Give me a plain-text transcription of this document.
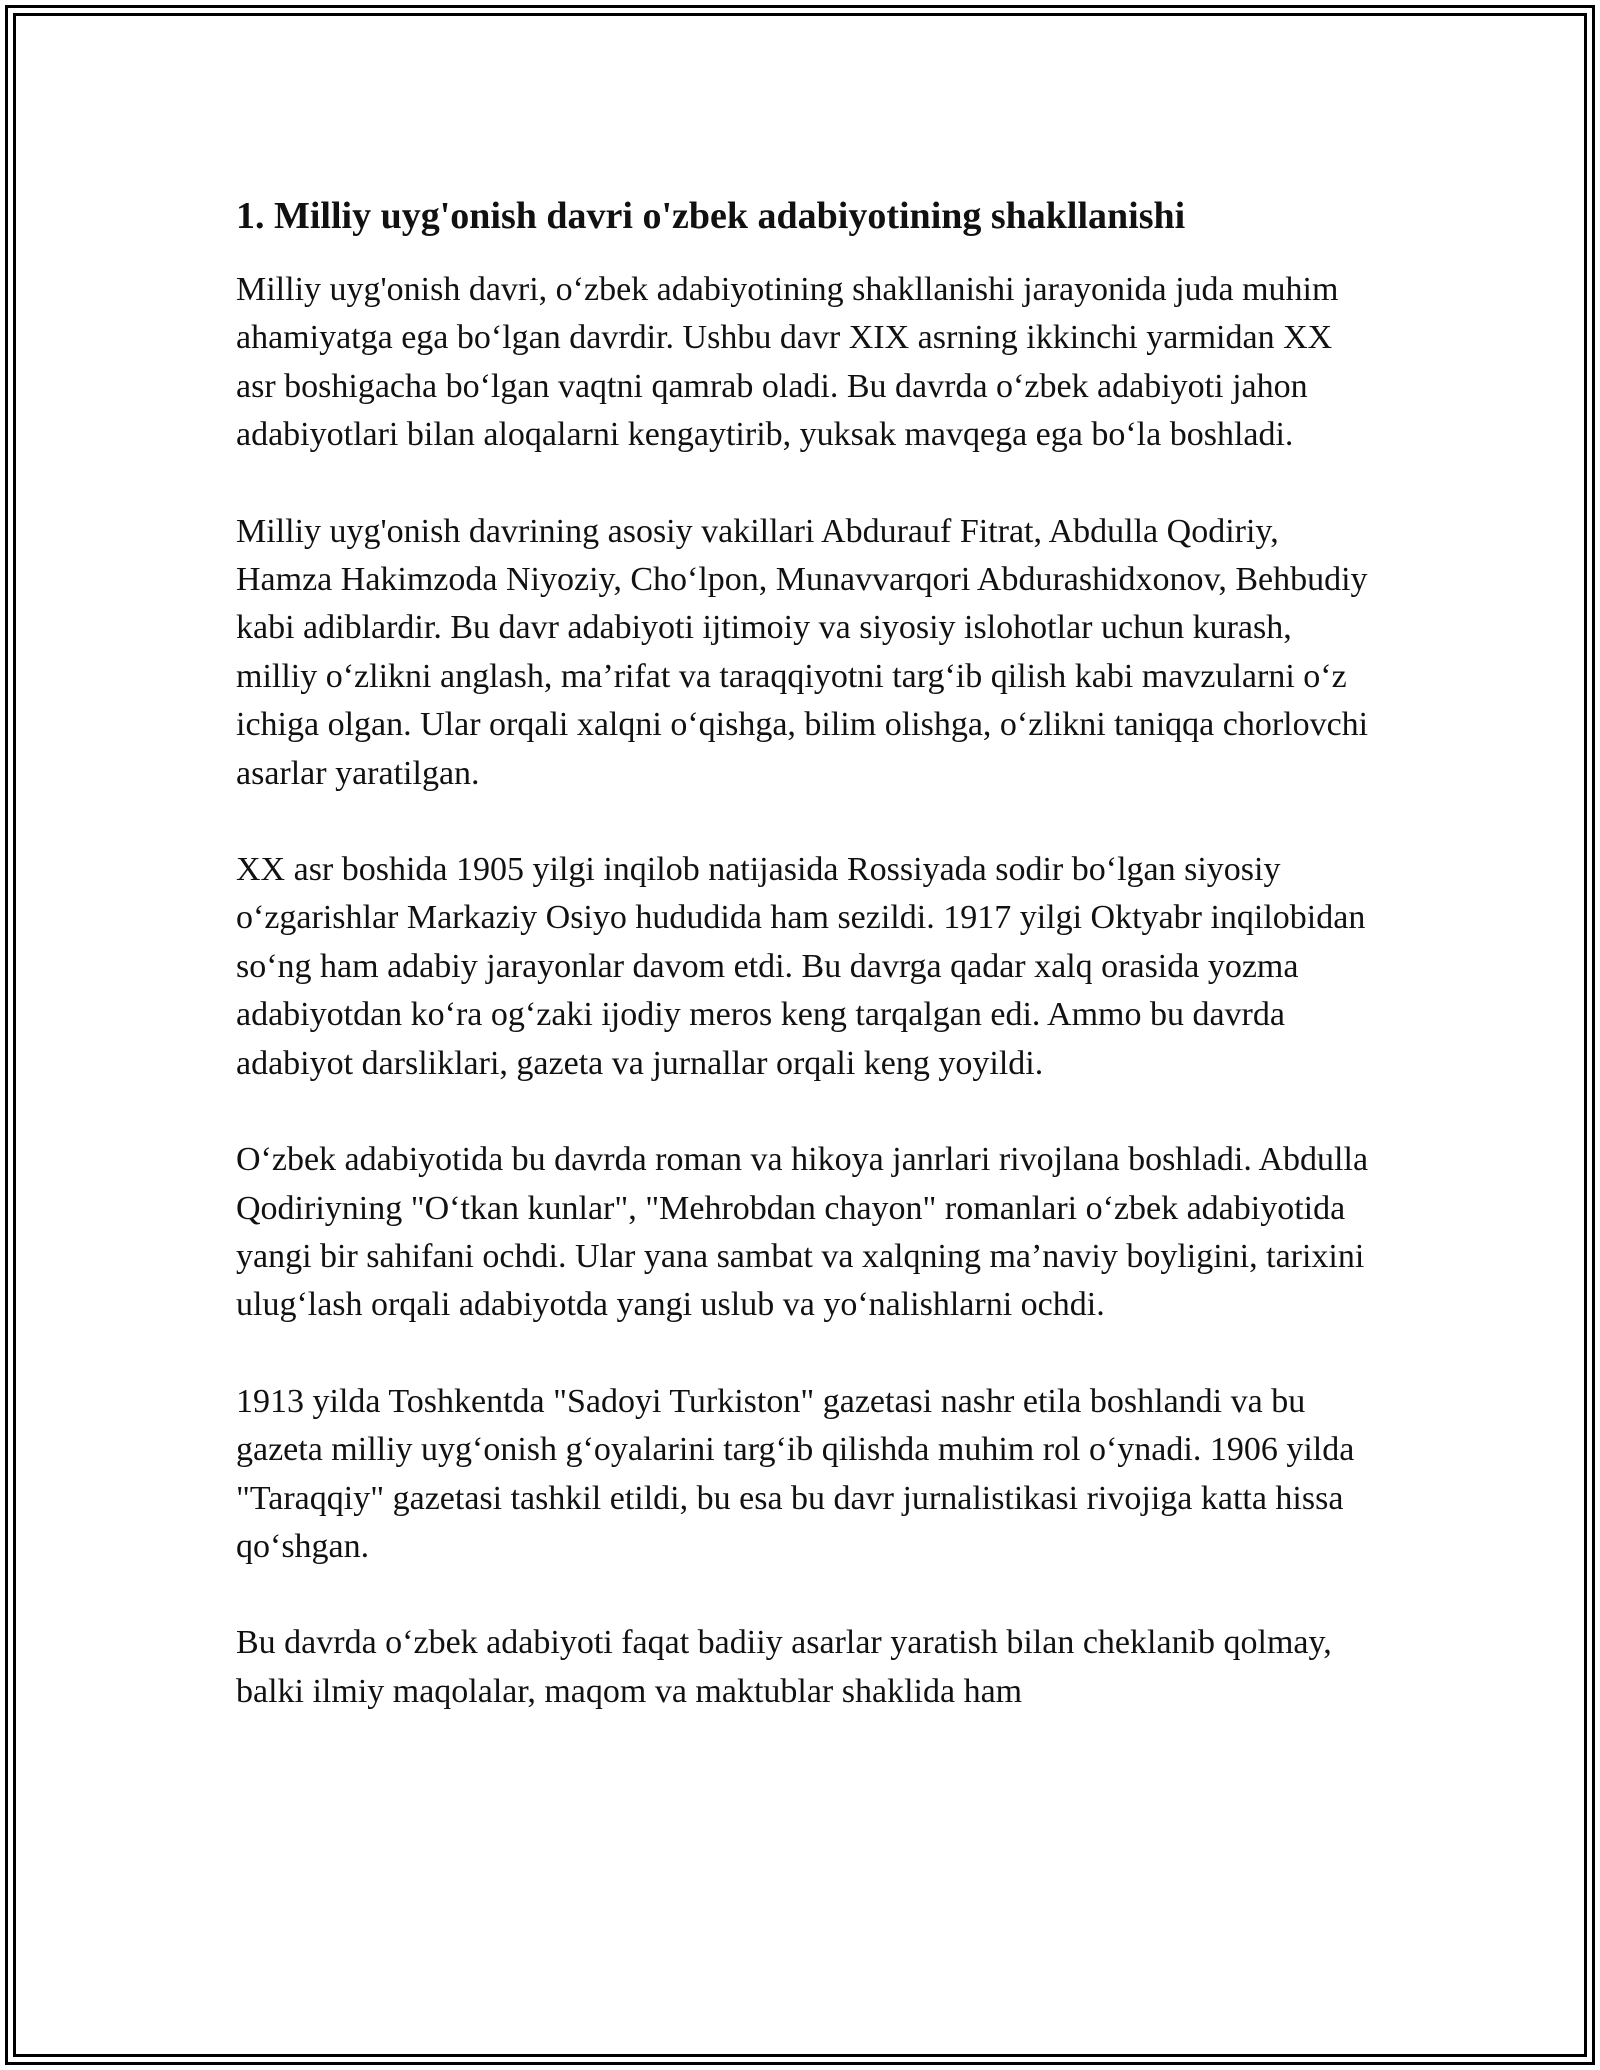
1. Milliy uyg'onish davri o'zbek adabiyotining shakllanishi

Milliy uyg'onish davri, o‘zbek adabiyotining shakllanishi jarayonida juda muhim ahamiyatga ega bo‘lgan davrdir. Ushbu davr XIX asrning ikkinchi yarmidan XX asr boshigacha bo‘lgan vaqtni qamrab oladi. Bu davrda o‘zbek adabiyoti jahon adabiyotlari bilan aloqalarni kengaytirib, yuksak mavqega ega bo‘la boshladi.

Milliy uyg'onish davrining asosiy vakillari Abdurauf Fitrat, Abdulla Qodiriy, Hamza Hakimzoda Niyoziy, Cho‘lpon, Munavvarqori Abdurashidxonov, Behbudiy kabi adiblardir. Bu davr adabiyoti ijtimoiy va siyosiy islohotlar uchun kurash, milliy o‘zlikni anglash, ma’rifat va taraqqiyotni targ‘ib qilish kabi mavzularni o‘z ichiga olgan. Ular orqali xalqni o‘qishga, bilim olishga, o‘zlikni taniqqa chorlovchi asarlar yaratilgan.

XX asr boshida 1905 yilgi inqilob natijasida Rossiyada sodir bo‘lgan siyosiy o‘zgarishlar Markaziy Osiyo hududida ham sezildi. 1917 yilgi Oktyabr inqilobidan so‘ng ham adabiy jarayonlar davom etdi. Bu davrga qadar xalq orasida yozma adabiyotdan ko‘ra og‘zaki ijodiy meros keng tarqalgan edi. Ammo bu davrda adabiyot darsliklari, gazeta va jurnallar orqali keng yoyildi.

O‘zbek adabiyotida bu davrda roman va hikoya janrlari rivojlana boshladi. Abdulla Qodiriyning "O‘tkan kunlar", "Mehrobdan chayon" romanlari o‘zbek adabiyotida yangi bir sahifani ochdi. Ular yana sambat va xalqning ma’naviy boyligini, tarixini ulug‘lash orqali adabiyotda yangi uslub va yo‘nalishlarni ochdi.

1913 yilda Toshkentda "Sadoyi Turkiston" gazetasi nashr etila boshlandi va bu gazeta milliy uyg‘onish g‘oyalarini targ‘ib qilishda muhim rol o‘ynadi. 1906 yilda "Taraqqiy" gazetasi tashkil etildi, bu esa bu davr jurnalistikasi rivojiga katta hissa qo‘shgan.

Bu davrda o‘zbek adabiyoti faqat badiiy asarlar yaratish bilan cheklanib qolmay, balki ilmiy maqolalar, maqom va maktublar shaklida ham
